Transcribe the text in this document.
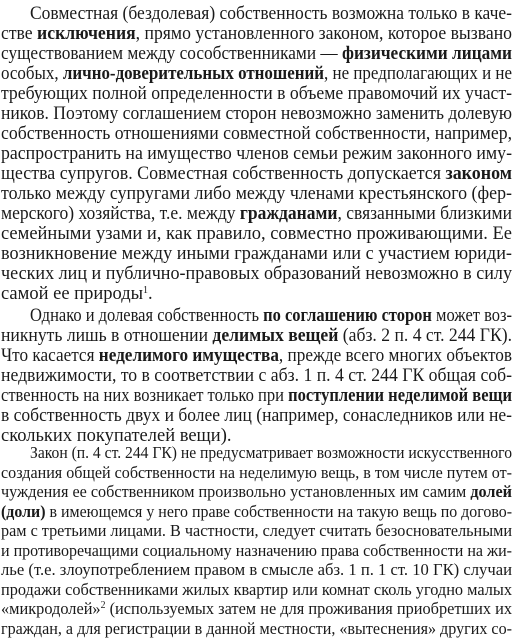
Совместная (бездолевая) собственность возможна только в каче-
стве исключения, прямо установленного законом, которое вызвано
существованием между сособственниками — физическими лицами
особых, лично-доверительных отношений, не предполагающих и не
требующих полной определенности в объеме правомочий их участ-
ников. Поэтому соглашением сторон невозможно заменить долевую
собственность отношениями совместной собственности, например,
распространить на имущество членов семьи режим законного иму-
щества супругов. Совместная собственность допускается законом
только между супругами либо между членами крестьянского (фер-
мерского) хозяйства, т.е. между гражданами, связанными близкими
семейными узами и, как правило, совместно проживающими. Ее
возникновение между иными гражданами или с участием юриди-
ческих лиц и публично-правовых образований невозможно в силу
самой ее природы$^1$.
Однако и долевая собственность по соглашению сторон может воз-
никнуть лишь в отношении делимых вещей (абз. 2 п. 4 ст. 244 ГК).
Что касается неделимого имущества, прежде всего многих объектов
недвижимости, то в соответствии с абз. 1 п. 4 ст. 244 ГК общая соб-
ственность на них возникает только при поступлении неделимой вещи
в собственность двух и более лиц (например, сонаследников или не-
скольких покупателей вещи).
Закон (п. 4 ст. 244 ГК) не предусматривает возможности искусственного
создания общей собственности на неделимую вещь, в том числе путем от-
чуждения ее собственником произвольно установленных им самим долей
(доли) в имеющемся у него праве собственности на такую вещь по догово-
рам с третьими лицами. В частности, следует считать безосновательными
и противоречащими социальному назначению права собственности на жи-
лье (т.е. злоупотреблением правом в смысле абз. 1 п. 1 ст. 10 ГК) случаи
продажи собственниками жилых квартир или комнат сколь угодно малых
«микродолей»$^2$ (используемых затем не для проживания приобретших их
граждан, а для регистрации в данной местности, «вытеснения» других со-
